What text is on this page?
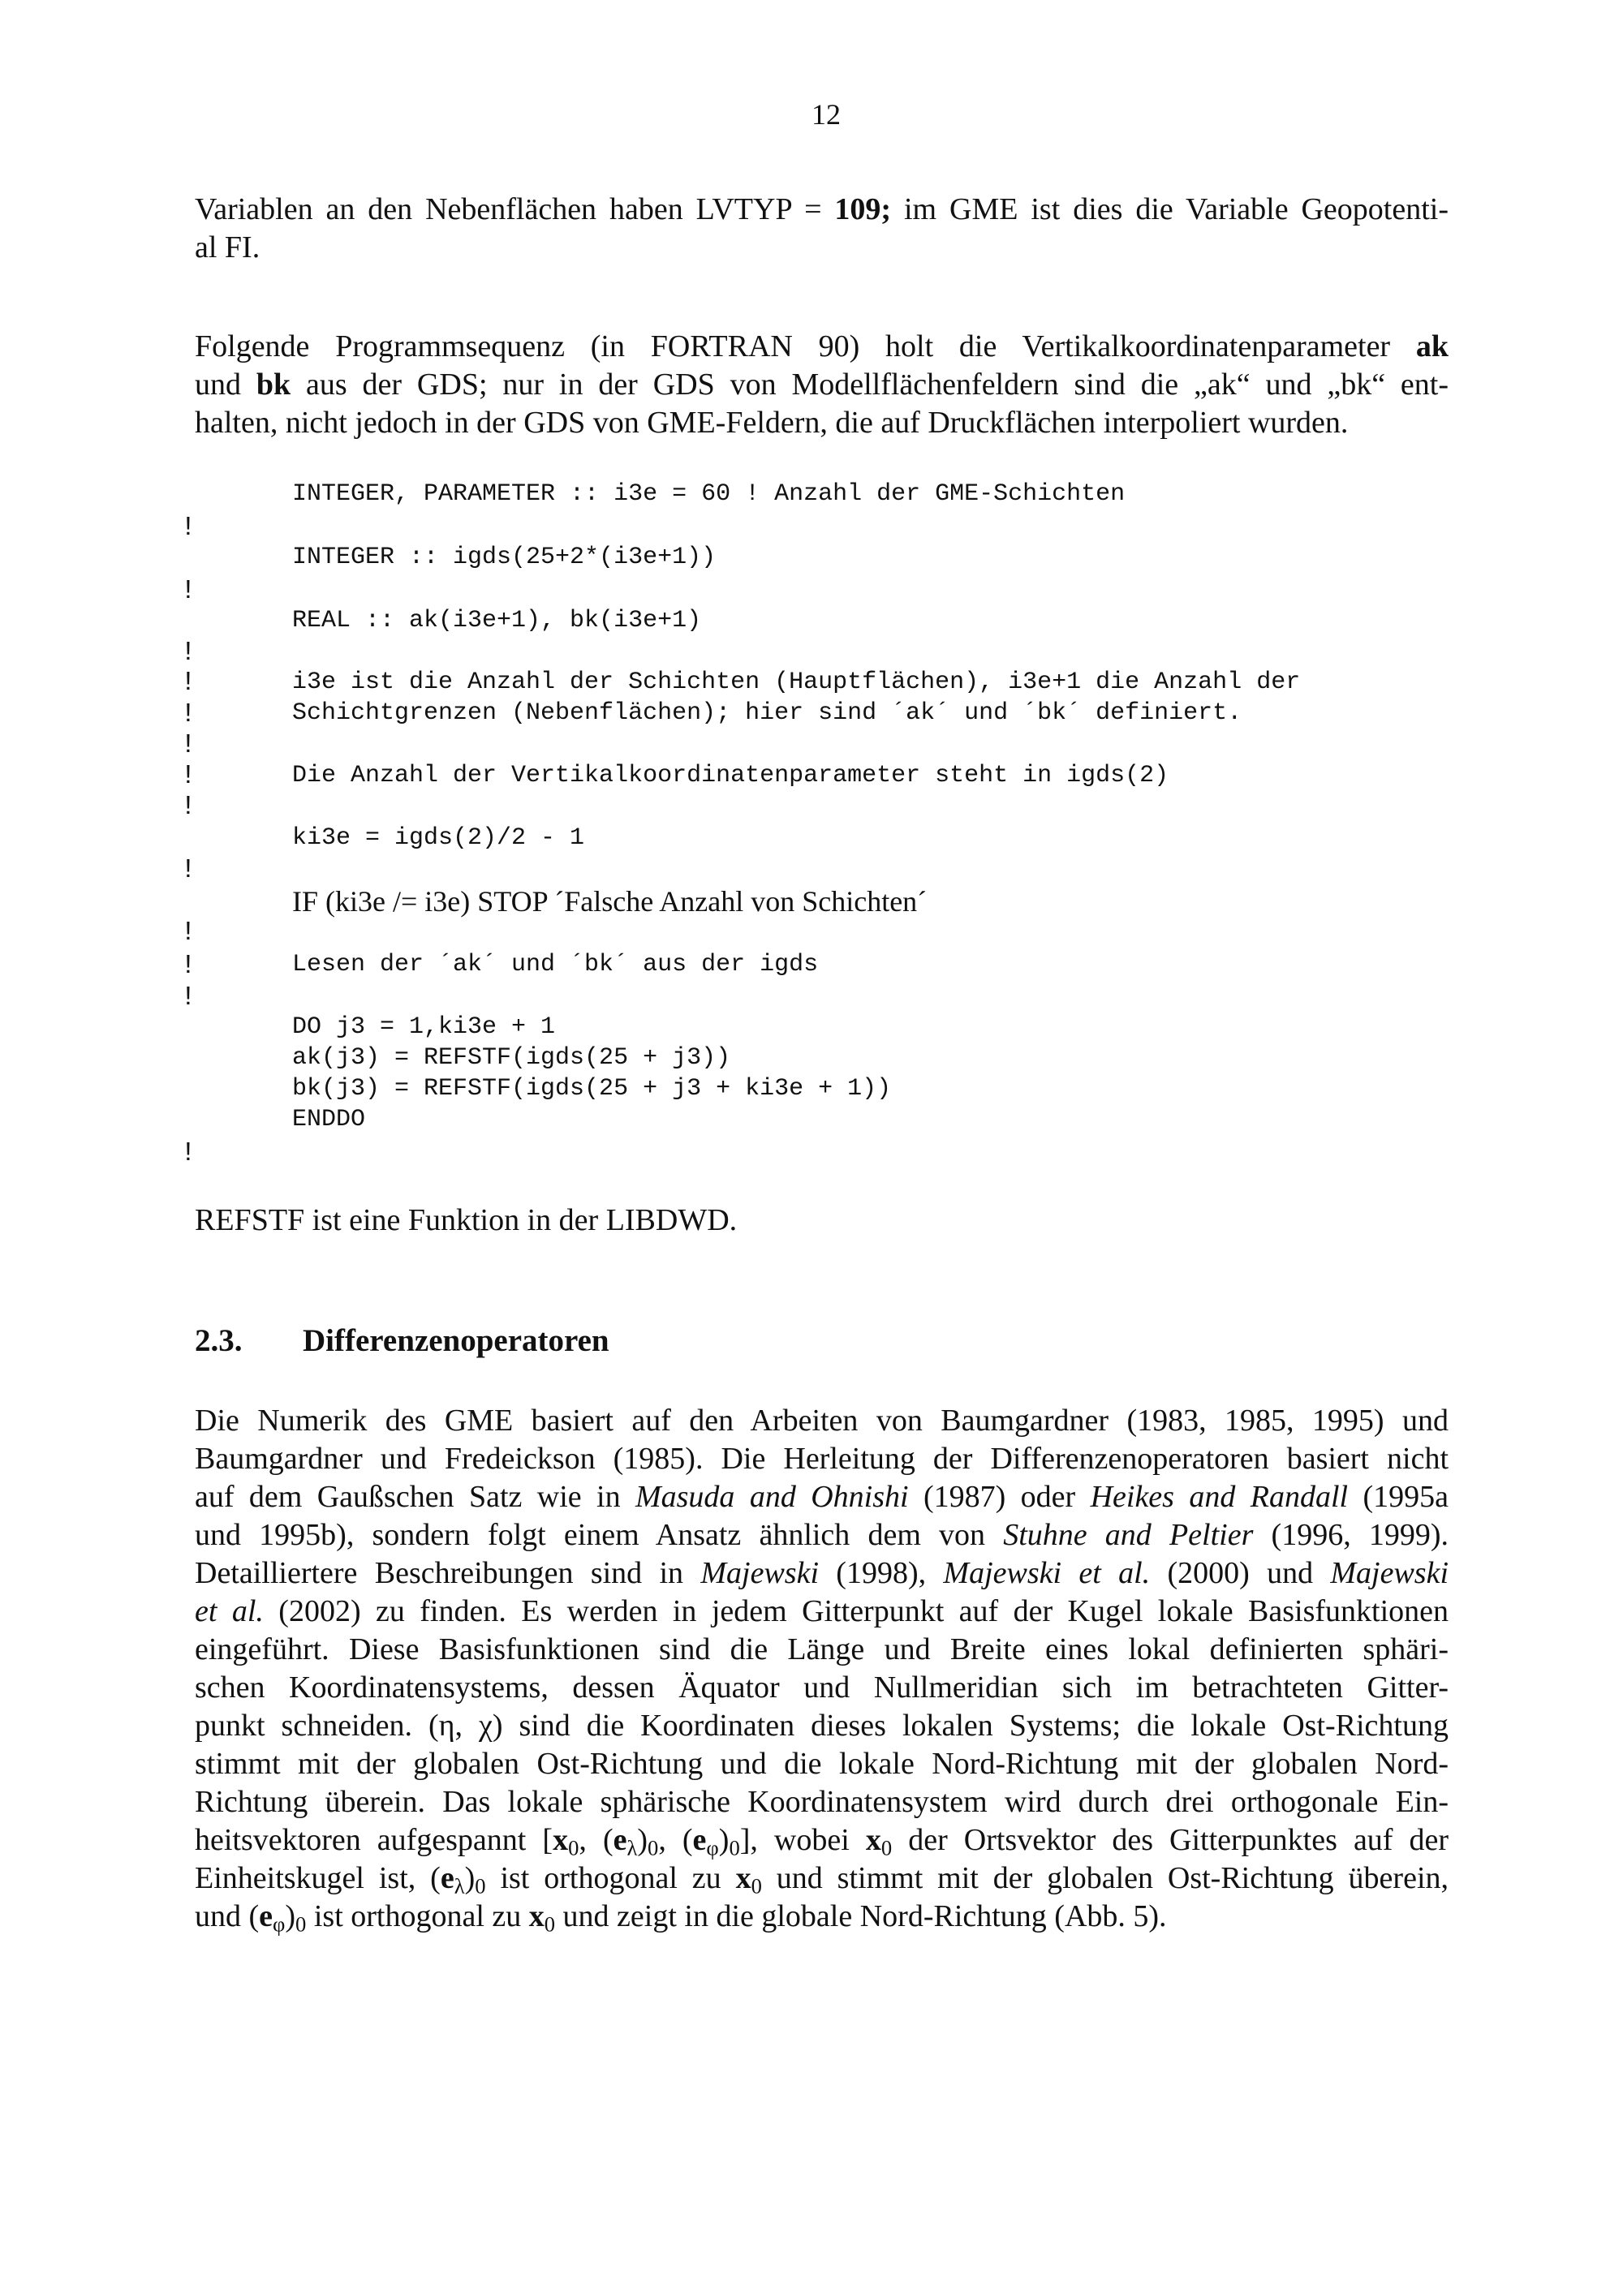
12
Variablen an den Nebenflächen haben LVTYP = 109; im GME ist dies die Variable Geopotenti-
al FI.
Folgende Programmsequenz (in FORTRAN 90) holt die Vertikalkoordinatenparameter ak
und bk aus der GDS; nur in der GDS von Modellflächenfeldern sind die „ak“ und „bk“ ent-
halten, nicht jedoch in der GDS von GME-Feldern, die auf Druckflächen interpoliert wurden.
INTEGER, PARAMETER :: i3e = 60 ! Anzahl der GME-Schichten
!
INTEGER :: igds(25+2*(i3e+1))
!
REAL :: ak(i3e+1), bk(i3e+1)
!
!	i3e ist die Anzahl der Schichten (Hauptflächen), i3e+1 die Anzahl der
!	Schichtgrenzen (Nebenflächen); hier sind ´ak´ und ´bk´ definiert.
!
!	Die Anzahl der Vertikalkoordinatenparameter steht in igds(2)
!
ki3e = igds(2)/2 - 1
!
IF (ki3e /= i3e) STOP ´Falsche Anzahl von Schichten´
!
!	Lesen der ´ak´ und ´bk´ aus der igds
!
DO j3 = 1,ki3e + 1
ak(j3) = REFSTF(igds(25 + j3))
bk(j3) = REFSTF(igds(25 + j3 + ki3e + 1))
ENDDO
!
REFSTF ist eine Funktion in der LIBDWD.
2.3. Differenzenoperatoren
Die Numerik des GME basiert auf den Arbeiten von Baumgardner (1983, 1985, 1995) und
Baumgardner und Fredeickson (1985). Die Herleitung der Differenzenoperatoren basiert nicht
auf dem Gaußschen Satz wie in Masuda and Ohnishi (1987) oder Heikes and Randall (1995a
und 1995b), sondern folgt einem Ansatz ähnlich dem von Stuhne and Peltier (1996, 1999).
Detailliertere Beschreibungen sind in Majewski (1998), Majewski et al. (2000) und Majewski
et al. (2002) zu finden. Es werden in jedem Gitterpunkt auf der Kugel lokale Basisfunktionen
eingeführt. Diese Basisfunktionen sind die Länge und Breite eines lokal definierten sphäri-
schen Koordinatensystems, dessen Äquator und Nullmeridian sich im betrachteten Gitter-
punkt schneiden. (η, χ) sind die Koordinaten dieses lokalen Systems; die lokale Ost-Richtung
stimmt mit der globalen Ost-Richtung und die lokale Nord-Richtung mit der globalen Nord-
Richtung überein. Das lokale sphärische Koordinatensystem wird durch drei orthogonale Ein-
heitsvektoren aufgespannt [$x_0$, $(e_\lambda)_0$, $(e_\varphi)_0$], wobei $x_0$ der Ortsvektor des Gitterpunktes auf der
Einheitskugel ist, $(e_\lambda)_0$ ist orthogonal zu $x_0$ und stimmt mit der globalen Ost-Richtung überein,
und $(e_\varphi)_0$ ist orthogonal zu $x_0$ und zeigt in die globale Nord-Richtung (Abb. 5).
